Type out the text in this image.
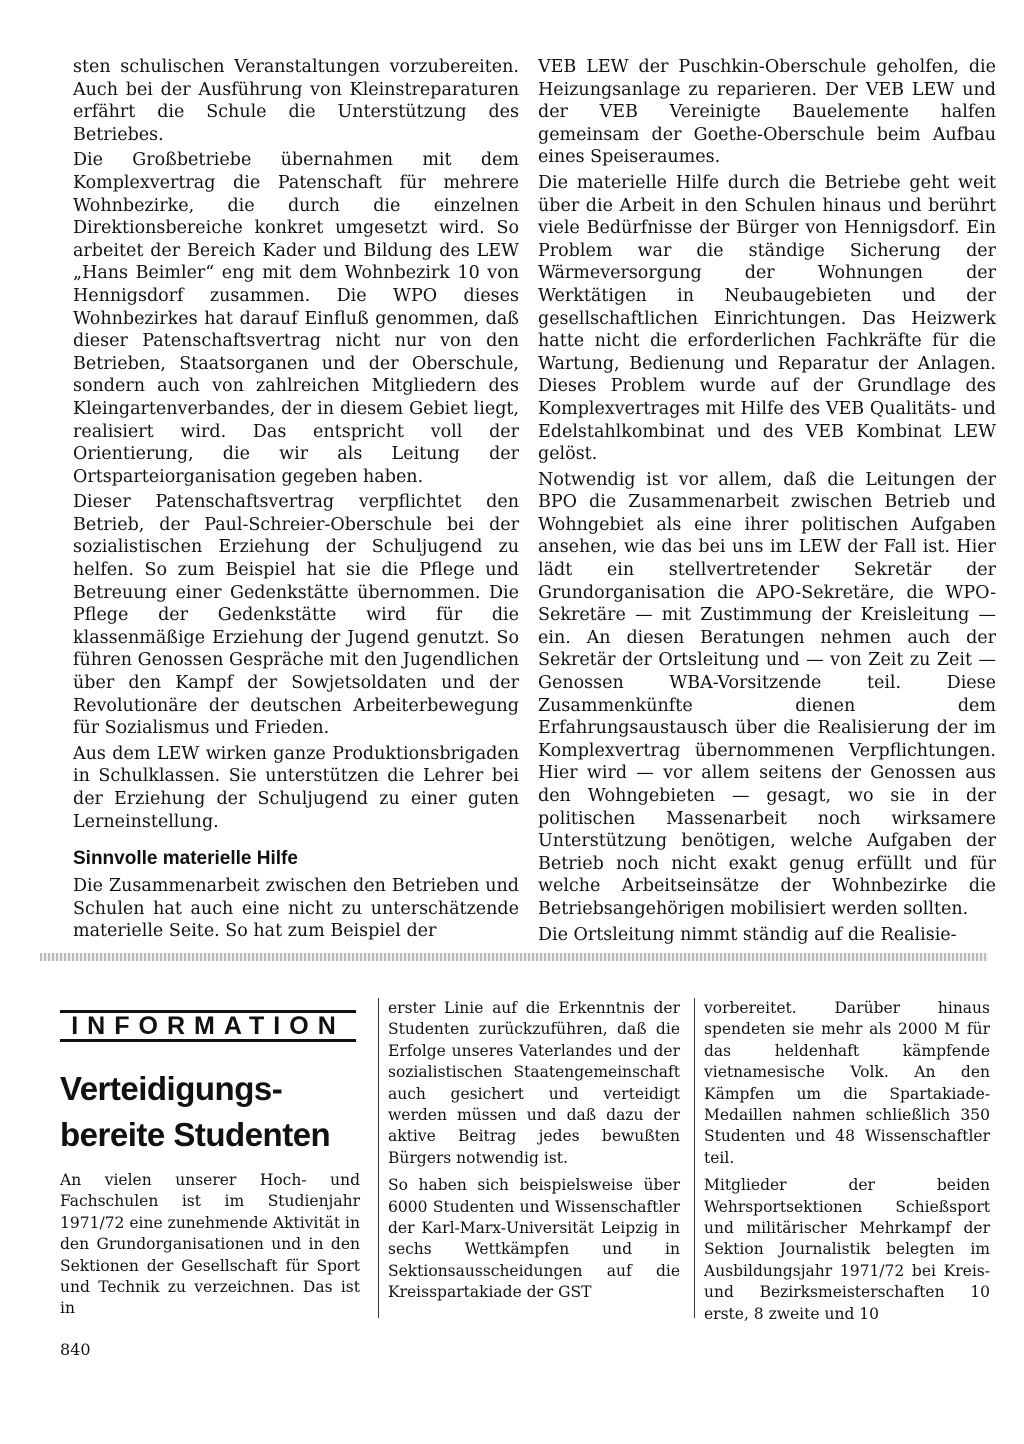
sten schulischen Veranstaltungen vorzubereiten. Auch bei der Ausführung von Kleinstreparaturen erfährt die Schule die Unterstützung des Betriebes.

Die Großbetriebe übernahmen mit dem Komplexvertrag die Patenschaft für mehrere Wohnbezirke, die durch die einzelnen Direktionsbereiche konkret umgesetzt wird. So arbeitet der Bereich Kader und Bildung des LEW „Hans Beimler“ eng mit dem Wohnbezirk 10 von Hennigsdorf zusammen. Die WPO dieses Wohnbezirkes hat darauf Einfluß genommen, daß dieser Patenschaftsvertrag nicht nur von den Betrieben, Staatsorganen und der Oberschule, sondern auch von zahlreichen Mitgliedern des Kleingartenverbandes, der in diesem Gebiet liegt, realisiert wird. Das entspricht voll der Orientierung, die wir als Leitung der Ortsparteiorganisation gegeben haben.

Dieser Patenschaftsvertrag verpflichtet den Betrieb, der Paul-Schreier-Oberschule bei der sozialistischen Erziehung der Schuljugend zu helfen. So zum Beispiel hat sie die Pflege und Betreuung einer Gedenkstätte übernommen. Die Pflege der Gedenkstätte wird für die klassenmäßige Erziehung der Jugend genutzt. So führen Genossen Gespräche mit den Jugendlichen über den Kampf der Sowjetsoldaten und der Revolutionäre der deutschen Arbeiterbewegung für Sozialismus und Frieden.

Aus dem LEW wirken ganze Produktionsbrigaden in Schulklassen. Sie unterstützen die Lehrer bei der Erziehung der Schuljugend zu einer guten Lerneinstellung.

Sinnvolle materielle Hilfe

Die Zusammenarbeit zwischen den Betrieben und Schulen hat auch eine nicht zu unterschätzende materielle Seite. So hat zum Beispiel der

VEB LEW der Puschkin-Oberschule geholfen, die Heizungsanlage zu reparieren. Der VEB LEW und der VEB Vereinigte Bauelemente halfen gemeinsam der Goethe-Oberschule beim Aufbau eines Speiseraumes.

Die materielle Hilfe durch die Betriebe geht weit über die Arbeit in den Schulen hinaus und berührt viele Bedürfnisse der Bürger von Hennigsdorf. Ein Problem war die ständige Sicherung der Wärmeversorgung der Wohnungen der Werktätigen in Neubaugebieten und der gesellschaftlichen Einrichtungen. Das Heizwerk hatte nicht die erforderlichen Fachkräfte für die Wartung, Bedienung und Reparatur der Anlagen. Dieses Problem wurde auf der Grundlage des Komplexvertrages mit Hilfe des VEB Qualitäts- und Edelstahlkombinat und des VEB Kombinat LEW gelöst.

Notwendig ist vor allem, daß die Leitungen der BPO die Zusammenarbeit zwischen Betrieb und Wohngebiet als eine ihrer politischen Aufgaben ansehen, wie das bei uns im LEW der Fall ist. Hier lädt ein stellvertretender Sekretär der Grundorganisation die APO-Sekretäre, die WPO-Sekretäre — mit Zustimmung der Kreisleitung — ein. An diesen Beratungen nehmen auch der Sekretär der Ortsleitung und — von Zeit zu Zeit — Genossen WBA-Vorsitzende teil. Diese Zusammenkünfte dienen dem Erfahrungsaustausch über die Realisierung der im Komplexvertrag übernommenen Verpflichtungen. Hier wird — vor allem seitens der Genossen aus den Wohngebieten — gesagt, wo sie in der politischen Massenarbeit noch wirksamere Unterstützung benötigen, welche Aufgaben der Betrieb noch nicht exakt genug erfüllt und für welche Arbeitseinsätze der Wohnbezirke die Betriebsangehörigen mobilisiert werden sollten.

Die Ortsleitung nimmt ständig auf die Realisie-

INFORMATION
Verteidigungs-bereite Studenten

An vielen unserer Hoch- und Fachschulen ist im Studienjahr 1971/72 eine zunehmende Aktivität in den Grundorganisationen und in den Sektionen der Gesellschaft für Sport und Technik zu verzeichnen. Das ist in

erster Linie auf die Erkenntnis der Studenten zurückzuführen, daß die Erfolge unseres Vaterlandes und der sozialistischen Staatengemeinschaft auch gesichert und verteidigt werden müssen und daß dazu der aktive Beitrag jedes bewußten Bürgers notwendig ist.

So haben sich beispielsweise über 6000 Studenten und Wissenschaftler der Karl-Marx-Universität Leipzig in sechs Wettkämpfen und in Sektionsausscheidungen auf die Kreisspartakiade der GST

vorbereitet. Darüber hinaus spendeten sie mehr als 2000 M für das heldenhaft kämpfende vietnamesische Volk. An den Kämpfen um die Spartakiade-Medaillen nahmen schließlich 350 Studenten und 48 Wissenschaftler teil.

Mitglieder der beiden Wehrsportsektionen Schießsport und militärischer Mehrkampf der Sektion Journalistik belegten im Ausbildungsjahr 1971/72 bei Kreis- und Bezirksmeisterschaften 10 erste, 8 zweite und 10

840
